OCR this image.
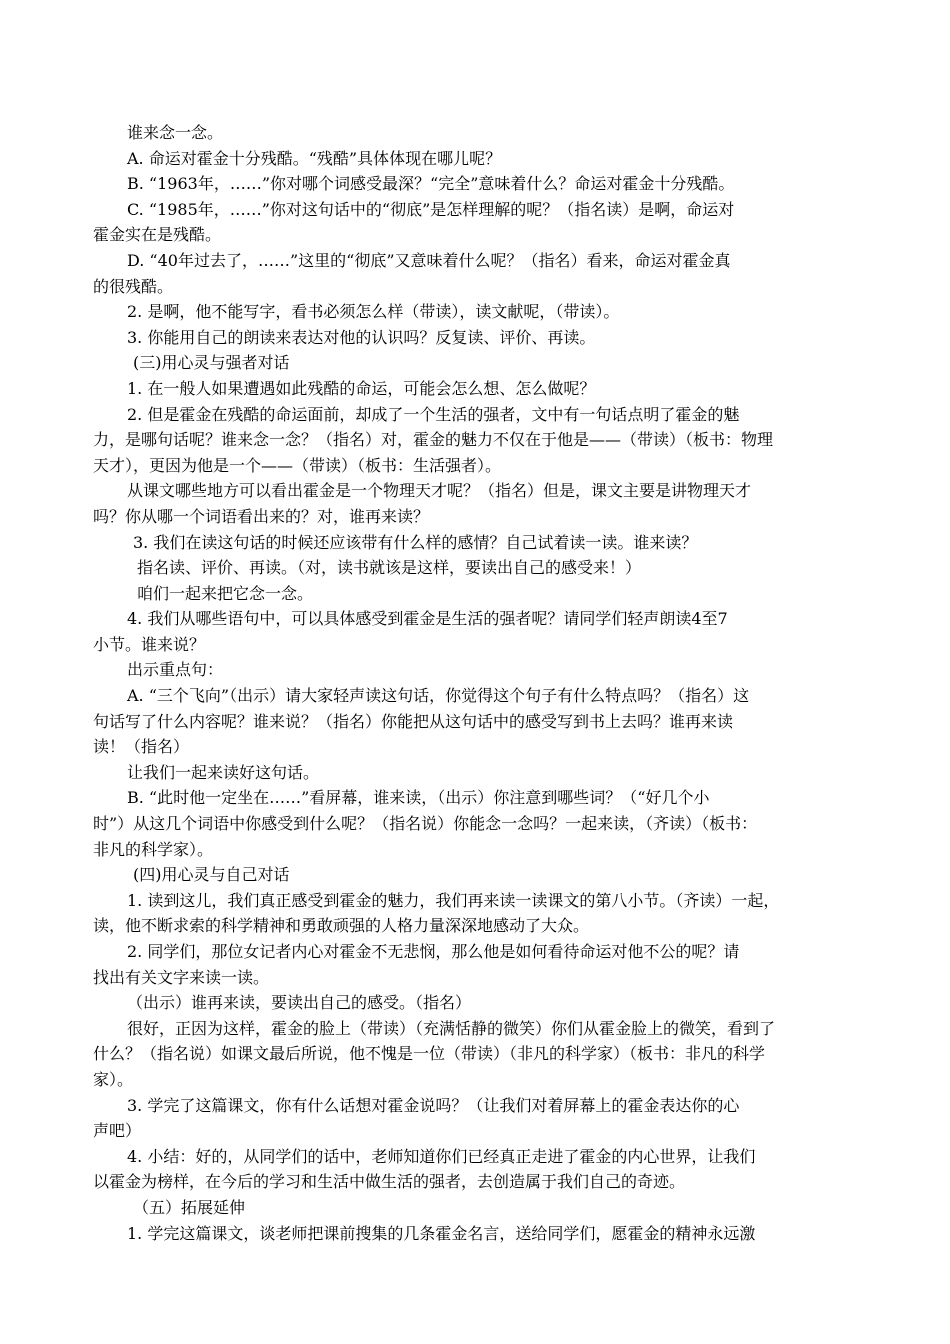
谁来念一念。
A. 命运对霍金十分残酷。“残酷”具体体现在哪儿呢？
B. “1963年，……”你对哪个词感受最深？“完全”意味着什么？命运对霍金十分残酷。
C. “1985年，……”你对这句话中的“彻底”是怎样理解的呢？（指名读）是啊，命运对
霍金实在是残酷。
D. “40年过去了，……”这里的“彻底”又意味着什么呢？（指名）看来，命运对霍金真
的很残酷。
2. 是啊，他不能写字，看书必须怎么样（带读），读文献呢，（带读）。
3. 你能用自己的朗读来表达对他的认识吗？反复读、评价、再读。
(三)用心灵与强者对话
1. 在一般人如果遭遇如此残酷的命运，可能会怎么想、怎么做呢？
2. 但是霍金在残酷的命运面前，却成了一个生活的强者，文中有一句话点明了霍金的魅
力，是哪句话呢？谁来念一念？（指名）对，霍金的魅力不仅在于他是——（带读）（板书：物理
天才），更因为他是一个——（带读）（板书：生活强者）。
从课文哪些地方可以看出霍金是一个物理天才呢？（指名）但是，课文主要是讲物理天才
吗？你从哪一个词语看出来的？对，谁再来读？
3. 我们在读这句话的时候还应该带有什么样的感情？自己试着读一读。谁来读？
指名读、评价、再读。（对，读书就该是这样，要读出自己的感受来！）
咱们一起来把它念一念。
4. 我们从哪些语句中，可以具体感受到霍金是生活的强者呢？请同学们轻声朗读4至7
小节。谁来说？
出示重点句：
A. “三个飞向”（出示）请大家轻声读这句话，你觉得这个句子有什么特点吗？（指名）这
句话写了什么内容呢？谁来说？（指名）你能把从这句话中的感受写到书上去吗？谁再来读
读！（指名）
让我们一起来读好这句话。
B. “此时他一定坐在……”看屏幕，谁来读，（出示）你注意到哪些词？（“好几个小
时”）从这几个词语中你感受到什么呢？（指名说）你能念一念吗？一起来读，（齐读）（板书：
非凡的科学家）。
(四)用心灵与自己对话
1. 读到这儿，我们真正感受到霍金的魅力，我们再来读一读课文的第八小节。（齐读）一起，
读，他不断求索的科学精神和勇敢顽强的人格力量深深地感动了大众。
2. 同学们，那位女记者内心对霍金不无悲悯，那么他是如何看待命运对他不公的呢？请
找出有关文字来读一读。
（出示）谁再来读，要读出自己的感受。（指名）
很好，正因为这样，霍金的脸上（带读）（充满恬静的微笑）你们从霍金脸上的微笑，看到了
什么？（指名说）如课文最后所说，他不愧是一位（带读）（非凡的科学家）（板书：非凡的科学
家）。
3. 学完了这篇课文，你有什么话想对霍金说吗？（让我们对着屏幕上的霍金表达你的心
声吧）
4. 小结：好的，从同学们的话中，老师知道你们已经真正走进了霍金的内心世界，让我们
以霍金为榜样，在今后的学习和生活中做生活的强者，去创造属于我们自己的奇迹。
（五）拓展延伸
1. 学完这篇课文，谈老师把课前搜集的几条霍金名言，送给同学们，愿霍金的精神永远激
